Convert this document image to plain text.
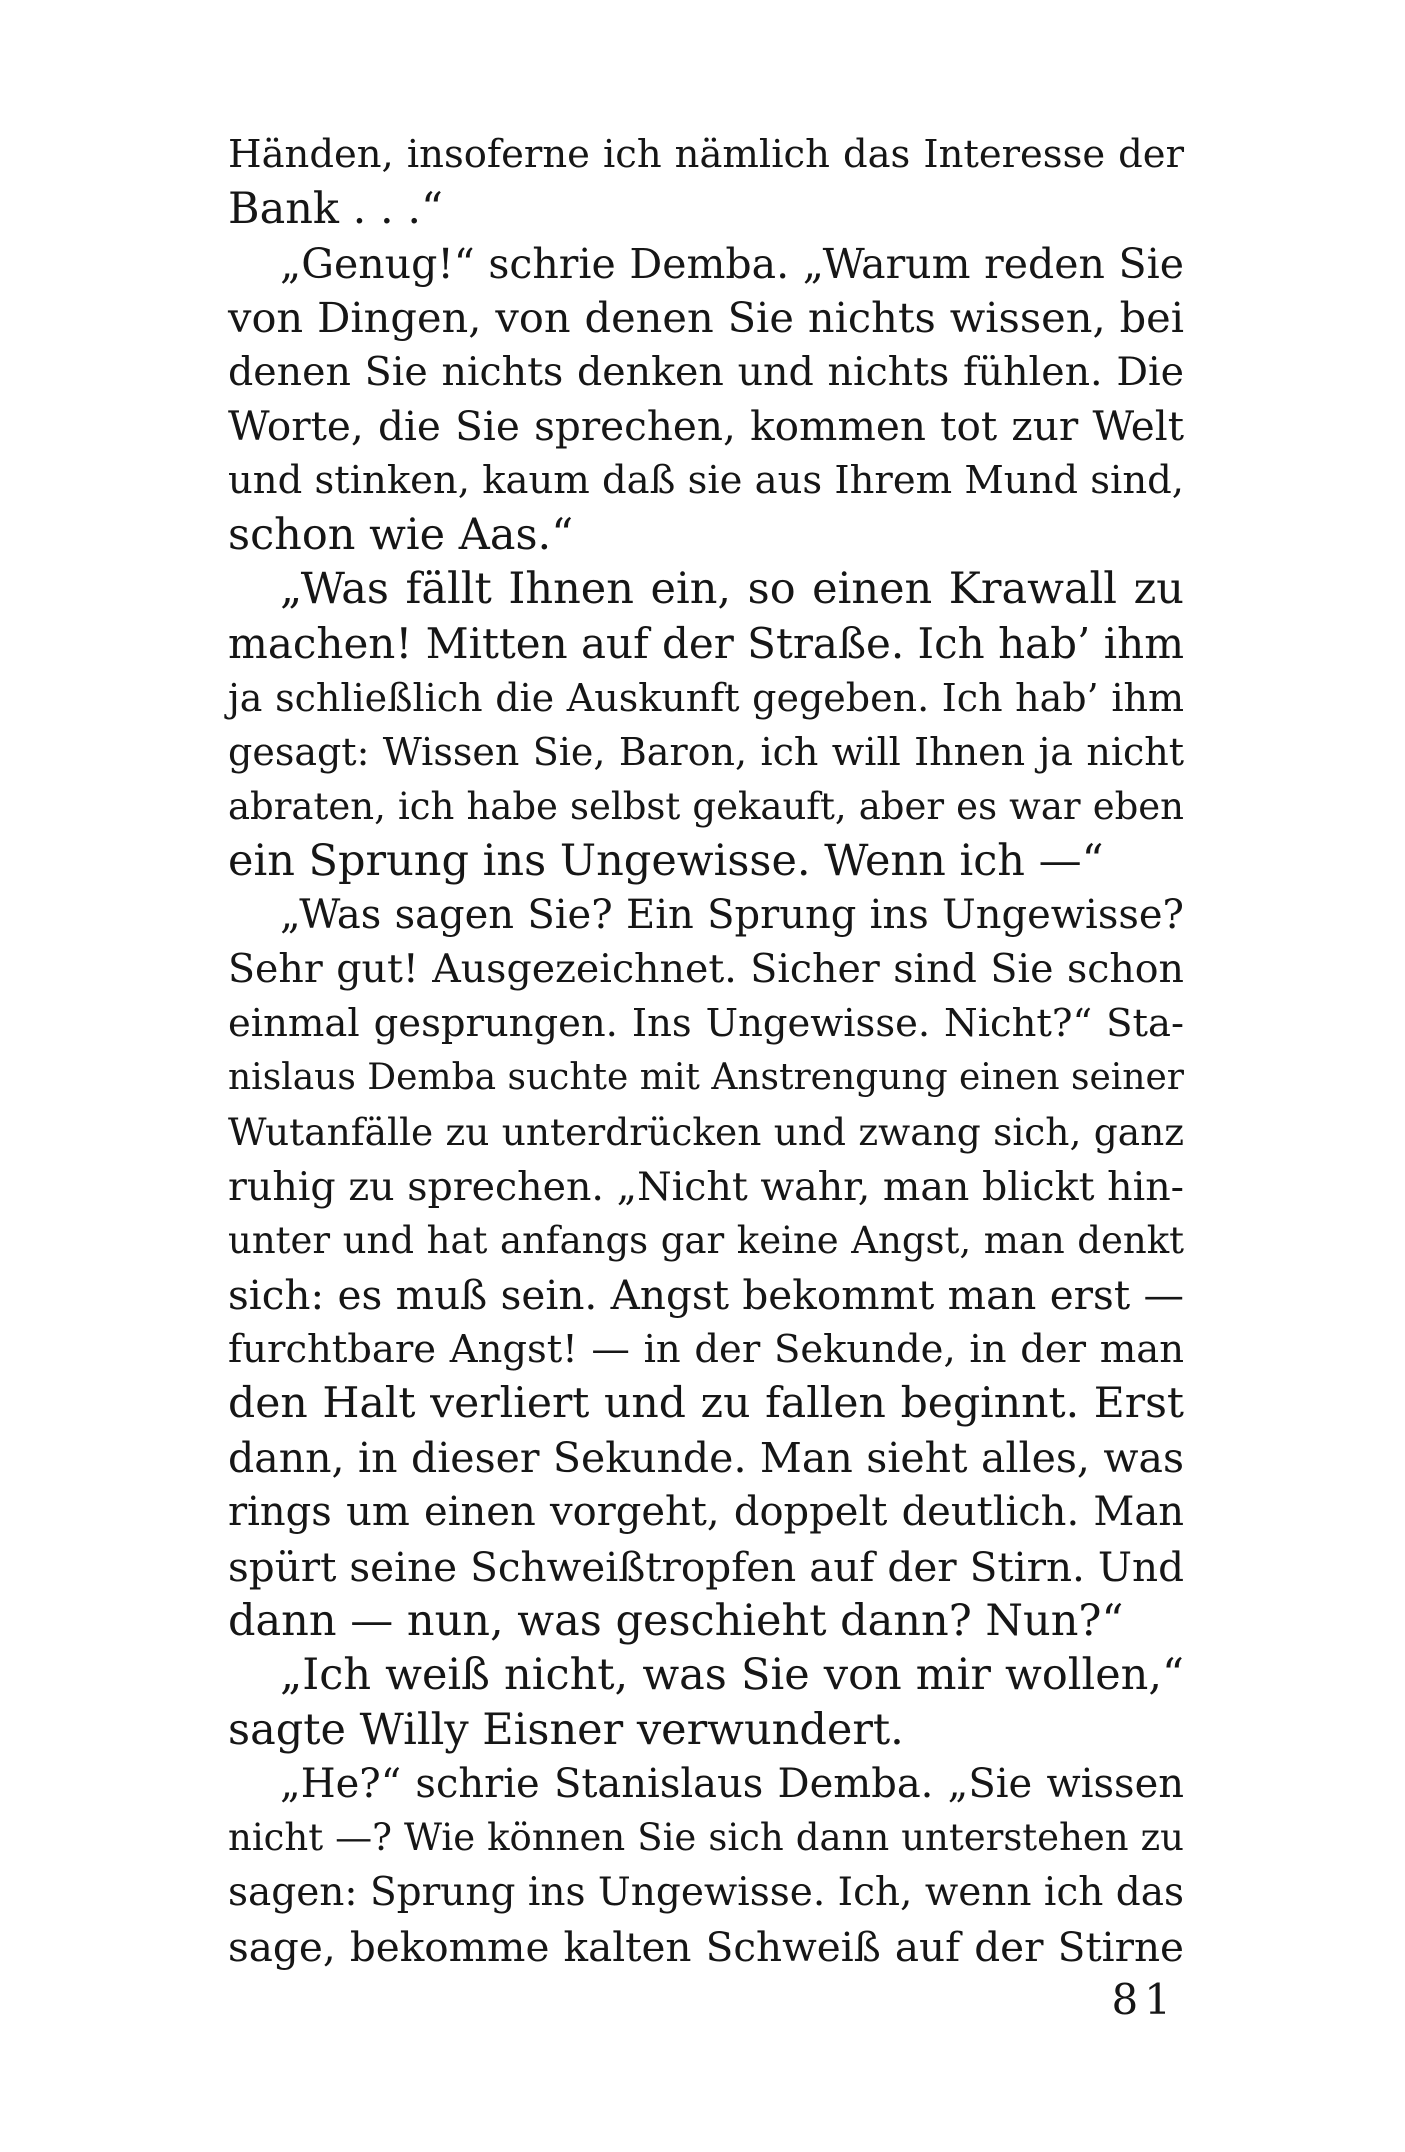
Händen, insoferne ich nämlich das Interesse der
Bank . . .“
„Genug!“ schrie Demba. „Warum reden Sie
von Dingen, von denen Sie nichts wissen, bei
denen Sie nichts denken und nichts fühlen. Die
Worte, die Sie sprechen, kommen tot zur Welt
und stinken, kaum daß sie aus Ihrem Mund sind,
schon wie Aas.“
„Was fällt Ihnen ein, so einen Krawall zu
machen! Mitten auf der Straße. Ich hab’ ihm
ja schließlich die Auskunft gegeben. Ich hab’ ihm
gesagt: Wissen Sie, Baron, ich will Ihnen ja nicht
abraten, ich habe selbst gekauft, aber es war eben
ein Sprung ins Ungewisse. Wenn ich —“
„Was sagen Sie? Ein Sprung ins Ungewisse?
Sehr gut! Ausgezeichnet. Sicher sind Sie schon
einmal gesprungen. Ins Ungewisse. Nicht?“ Sta-
nislaus Demba suchte mit Anstrengung einen seiner
Wutanfälle zu unterdrücken und zwang sich, ganz
ruhig zu sprechen. „Nicht wahr, man blickt hin-
unter und hat anfangs gar keine Angst, man denkt
sich: es muß sein. Angst bekommt man erst —
furchtbare Angst! — in der Sekunde, in der man
den Halt verliert und zu fallen beginnt. Erst
dann, in dieser Sekunde. Man sieht alles, was
rings um einen vorgeht, doppelt deutlich. Man
spürt seine Schweißtropfen auf der Stirn. Und
dann — nun, was geschieht dann? Nun?“
„Ich weiß nicht, was Sie von mir wollen,“
sagte Willy Eisner verwundert.
„He?“ schrie Stanislaus Demba. „Sie wissen
nicht —? Wie können Sie sich dann unterstehen zu
sagen: Sprung ins Ungewisse. Ich, wenn ich das
sage, bekomme kalten Schweiß auf der Stirne
81
